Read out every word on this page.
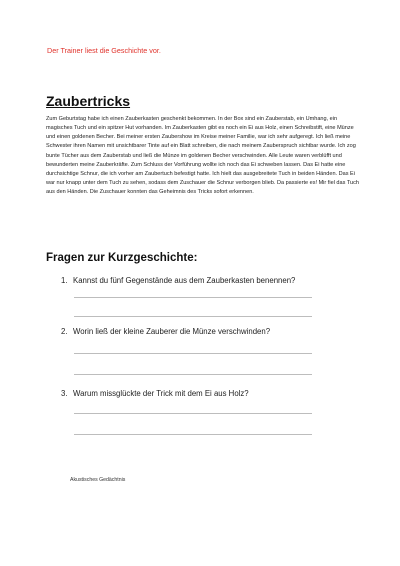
Der Trainer liest die Geschichte vor.
Zaubertricks

Zum Geburtstag habe ich einen Zauberkasten geschenkt bekommen. In der Box sind ein Zauberstab, ein Umhang, ein magisches Tuch und ein spitzer Hut vorhanden. Im Zauberkasten gibt es noch ein Ei aus Holz, einen Schreibstift, eine Münze und einen goldenen Becher. Bei meiner ersten Zaubershow im Kreise meiner Familie, war ich sehr aufgeregt. Ich ließ meine Schwester ihren Namen mit unsichtbarer Tinte auf ein Blatt schreiben, die nach meinem Zauberspruch sichtbar wurde. Ich zog bunte Tücher aus dem Zauberstab und ließ die Münze im goldenen Becher verschwinden. Alle Leute waren verblüfft und bewunderten meine Zauberkräfte. Zum Schluss der Vorführung wollte ich noch das Ei schweben lassen. Das Ei hatte eine durchsichtige Schnur, die ich vorher am Zaubertuch befestigt hatte. Ich hielt das ausgebreitete Tuch in beiden Händen. Das Ei war nur knapp unter dem Tuch zu sehen, sodass dem Zuschauer die Schnur verborgen blieb. Da passierte es! Mir fiel das Tuch aus den Händen. Die Zuschauer konnten das Geheimnis des Tricks sofort erkennen.

Fragen zur Kurzgeschichte:
1. Kannst du fünf Gegenstände aus dem Zauberkasten benennen?
2. Worin ließ der kleine Zauberer die Münze verschwinden?
3. Warum missglückte der Trick mit dem Ei aus Holz?
Akustisches Gedächtnis
